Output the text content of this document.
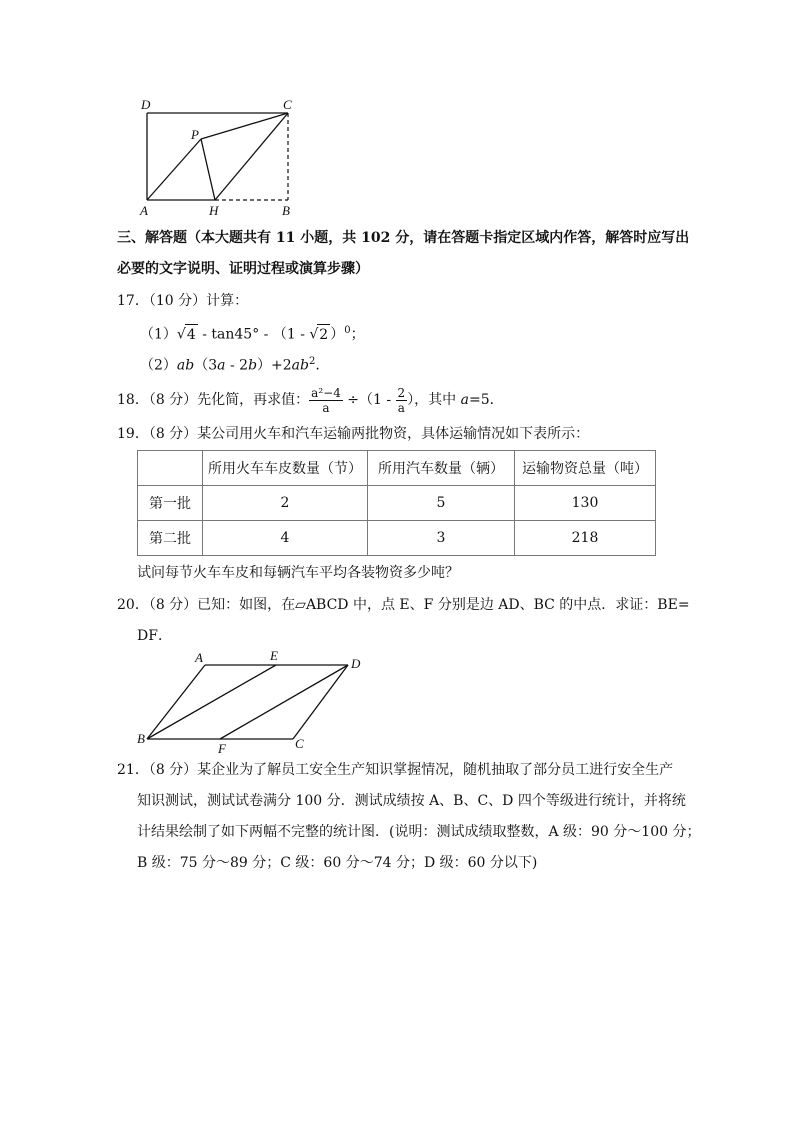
D	C
P
A	H	B
三、解答题（本大题共有 11 小题，共 102 分，请在答题卡指定区域内作答，解答时应写出
必要的文字说明、证明过程或演算步骤）
17．（10 分）计算：
（1）√4 - tan45° - （1 - √2 ）$^0$；
$(2)ab(3a - 2b)+2ab^2$.
18．（8 分）先化简，再求值： $\frac{\text{a²−4}}{a} \div(1 - \frac{2}{a}$ ），其中 a=5．
19．（8 分）某公司用火车和汽车运输两批物资，具体运输情况如下表所示：
	所用火车车皮数量（节）	所用汽车数量（辆）	运输物资总量（吨）
第一批	2	5	130
第二批	4	3	218
试问每节火车车皮和每辆汽车平均各装物资多少吨？
20．（8 分）已知：如图，在▱ABCD 中，点 E、F 分别是边 AD、BC 的中点．求证：BE=
DF．
A	E
D
B
F	C
21．（8 分）某企业为了解员工安全生产知识掌握情况，随机抽取了部分员工进行安全生产
知识测试，测试试卷满分 100 分．测试成绩按 A、B、C、D 四个等级进行统计，并将统
计结果绘制了如下两幅不完整的统计图．(说明：测试成绩取整数，A 级：90 分～100 分；
B 级：75 分～89 分；C 级：60 分～74 分；D 级：60 分以下)
